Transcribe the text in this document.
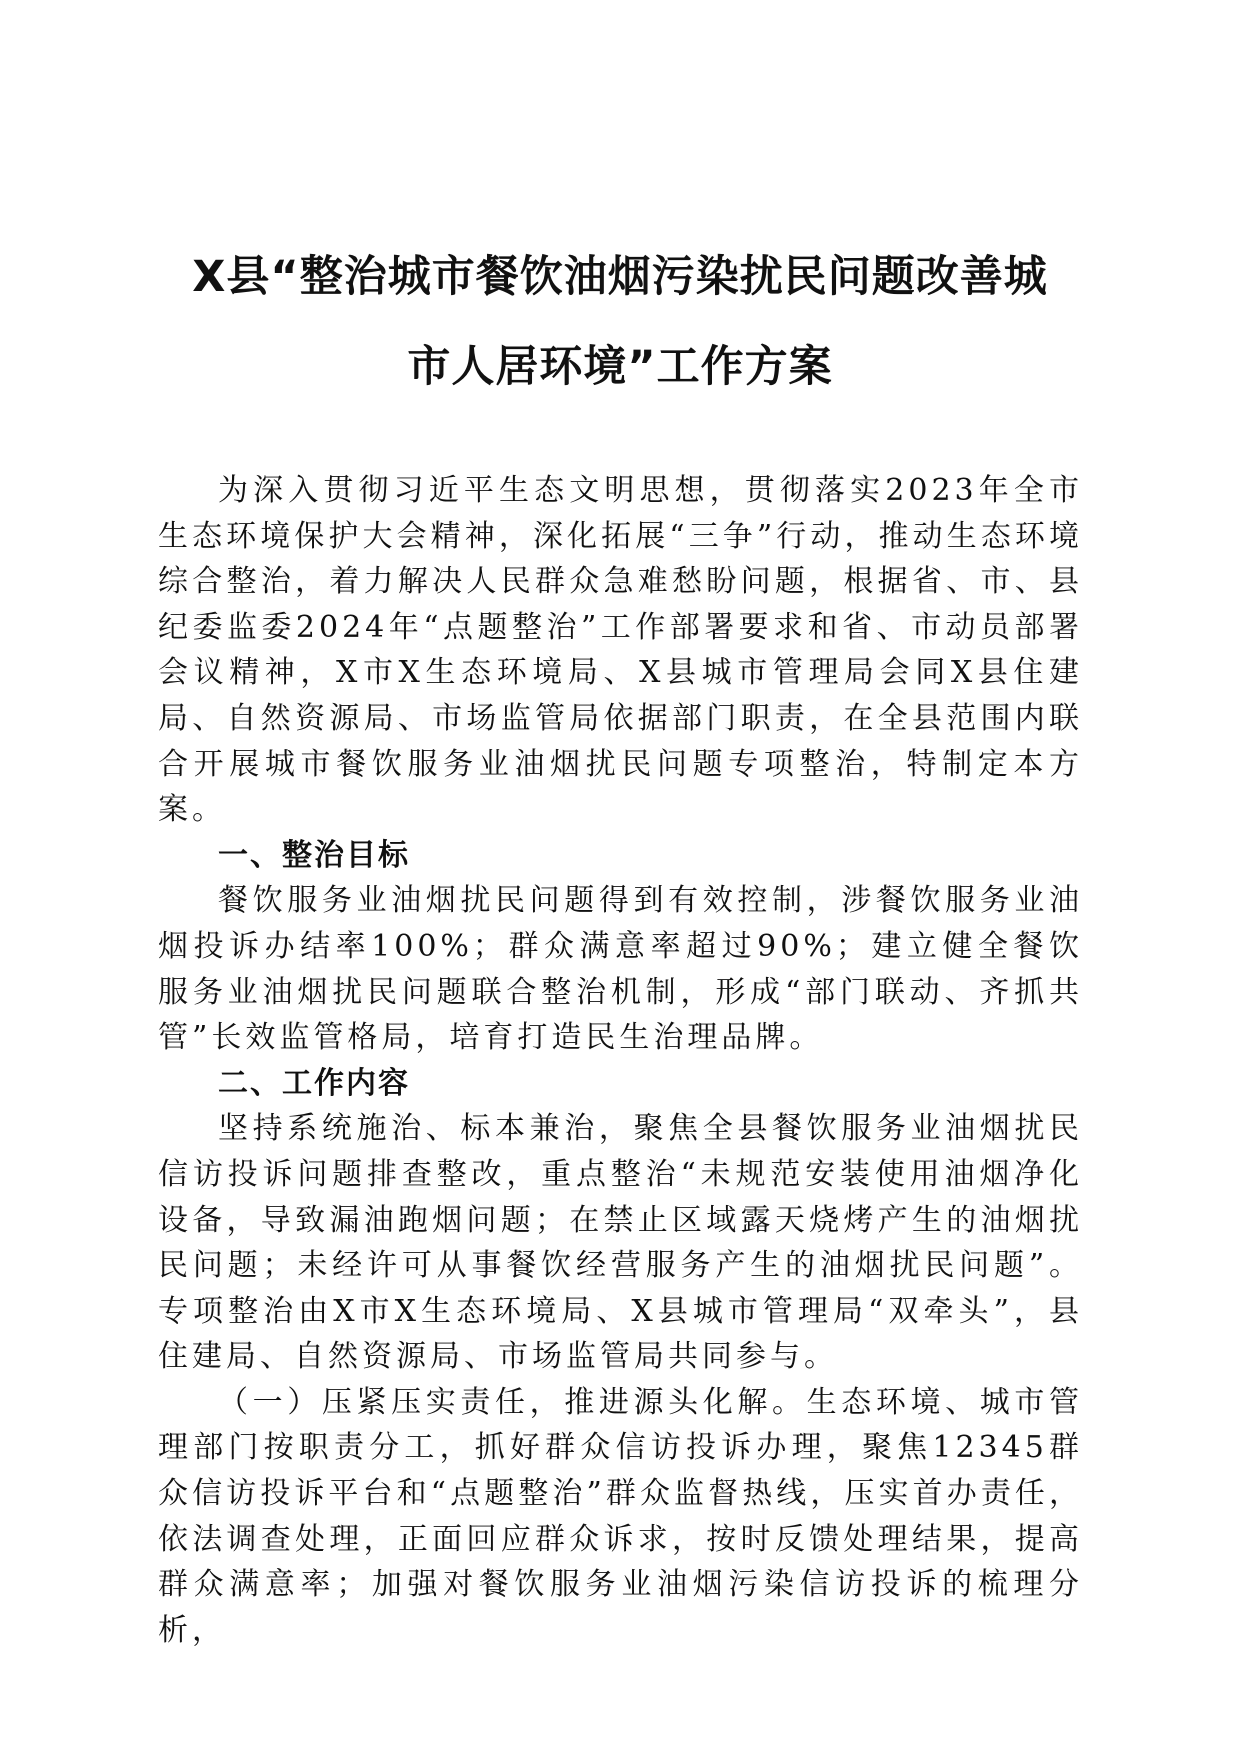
X县“整治城市餐饮油烟污染扰民问题改善城
市人居环境”工作方案

为深入贯彻习近平生态文明思想，贯彻落实2023年全市生态环境保护大会精神，深化拓展“三争”行动，推动生态环境综合整治，着力解决人民群众急难愁盼问题，根据省、市、县纪委监委2024年“点题整治”工作部署要求和省、市动员部署会议精神，X市X生态环境局、X县城市管理局会同X县住建局、自然资源局、市场监管局依据部门职责，在全县范围内联合开展城市餐饮服务业油烟扰民问题专项整治，特制定本方案。

一、整治目标

餐饮服务业油烟扰民问题得到有效控制，涉餐饮服务业油烟投诉办结率100%；群众满意率超过90%；建立健全餐饮服务业油烟扰民问题联合整治机制，形成“部门联动、齐抓共管”长效监管格局，培育打造民生治理品牌。

二、工作内容

坚持系统施治、标本兼治，聚焦全县餐饮服务业油烟扰民信访投诉问题排查整改，重点整治“未规范安装使用油烟净化设备，导致漏油跑烟问题；在禁止区域露天烧烤产生的油烟扰民问题；未经许可从事餐饮经营服务产生的油烟扰民问题”。专项整治由X市X生态环境局、X县城市管理局“双牵头”，县住建局、自然资源局、市场监管局共同参与。

（一）压紧压实责任，推进源头化解。生态环境、城市管理部门按职责分工，抓好群众信访投诉办理，聚焦12345群众信访投诉平台和“点题整治”群众监督热线，压实首办责任，依法调查处理，正面回应群众诉求，按时反馈处理结果，提高群众满意率；加强对餐饮服务业油烟污染信访投诉的梳理分析，
